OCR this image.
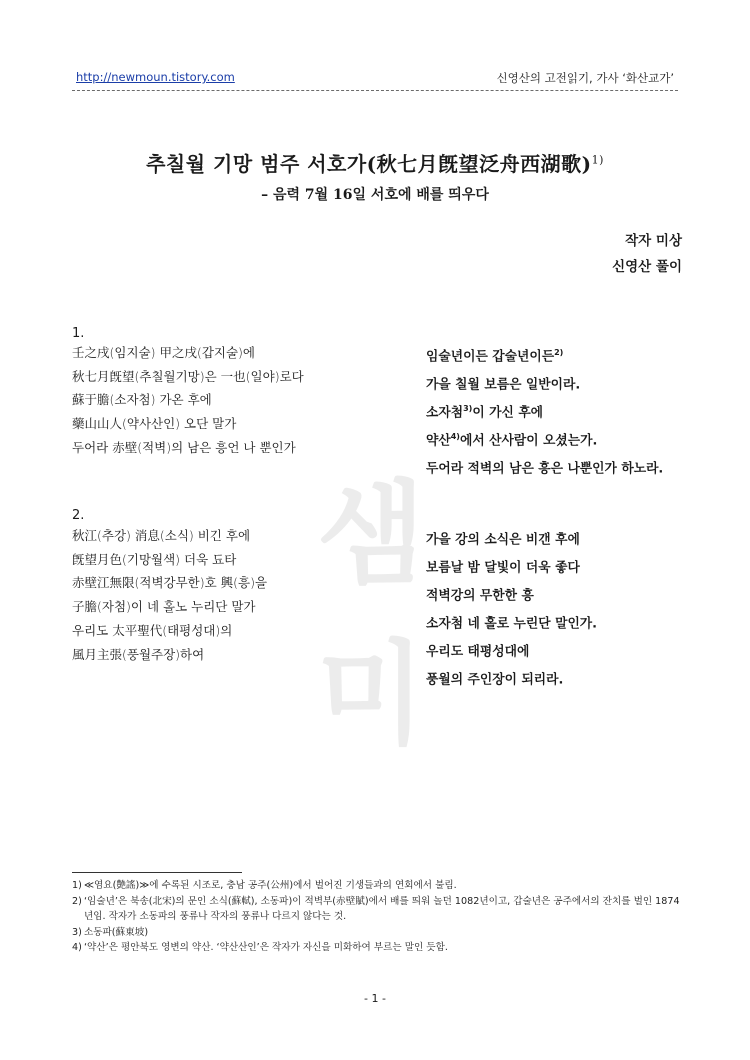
http://newmoun.tistory.com	신영산의 고전읽기, 가사 ‘화산교가’
추칠월 기망 범주 서호가(秋七月旣望泛舟西湖歌)$^{1)}$
– 음력 7월 16일 서호에 배를 띄우다
작자 미상
신영산 풀이
샘 미
1.
壬之戌(임지술) 甲之戌(갑지술)에
秋七月旣望(추칠월기망)은 一也(일야)로다
蘇于膽(소자첨) 가온 후에
藥山山人(약사산인) 오단 말가
두어라 赤壁(적벽)의 남은 흥언 나 뿐인가
임술년이든 갑술년이든$^{2)}$
가을 칠월 보름은 일반이라.
소자첨$^{3)}$이 가신 후에
약산$^{4)}$에서 산사람이 오셨는가.
두어라 적벽의 남은 흥은 나뿐인가 하노라.
2.
秋江(추강) 消息(소식) 비긴 후에
旣望月色(기망월색) 더욱 됴타
赤壁江無限(적벽강무한)호 興(흥)을
子膽(자첨)이 네 홀노 누리단 말가
우리도 太平聖代(태평성대)의
風月主張(풍월주장)하여
가을 강의 소식은 비갠 후에
보름날 밤 달빛이 더욱 좋다
적벽강의 무한한 흥
소자첨 네 홀로 누린단 말인가.
우리도 태평성대에
풍월의 주인장이 되리라.
1) ≪염요(艶謠)≫에 수록된 시조로, 충남 공주(公州)에서 벌어진 기생들과의 연회에서 불림.
2) ‘임술년’은 북송(北宋)의 문인 소식(蘇軾), 소동파)이 적벽부(赤壁賦)에서 배를 띄워 놀던 1082년이고, 갑술년은 공주에서의 잔치를 벌인 1874년임. 작자가 소동파의 풍류나 작자의 풍류나 다르지 않다는 것.
3) 소동파(蘇東坡)
4) ‘약산’은 평안북도 영변의 약산. ‘약산산인’은 작자가 자신을 미화하여 부르는 말인 듯함.
- 1 -
